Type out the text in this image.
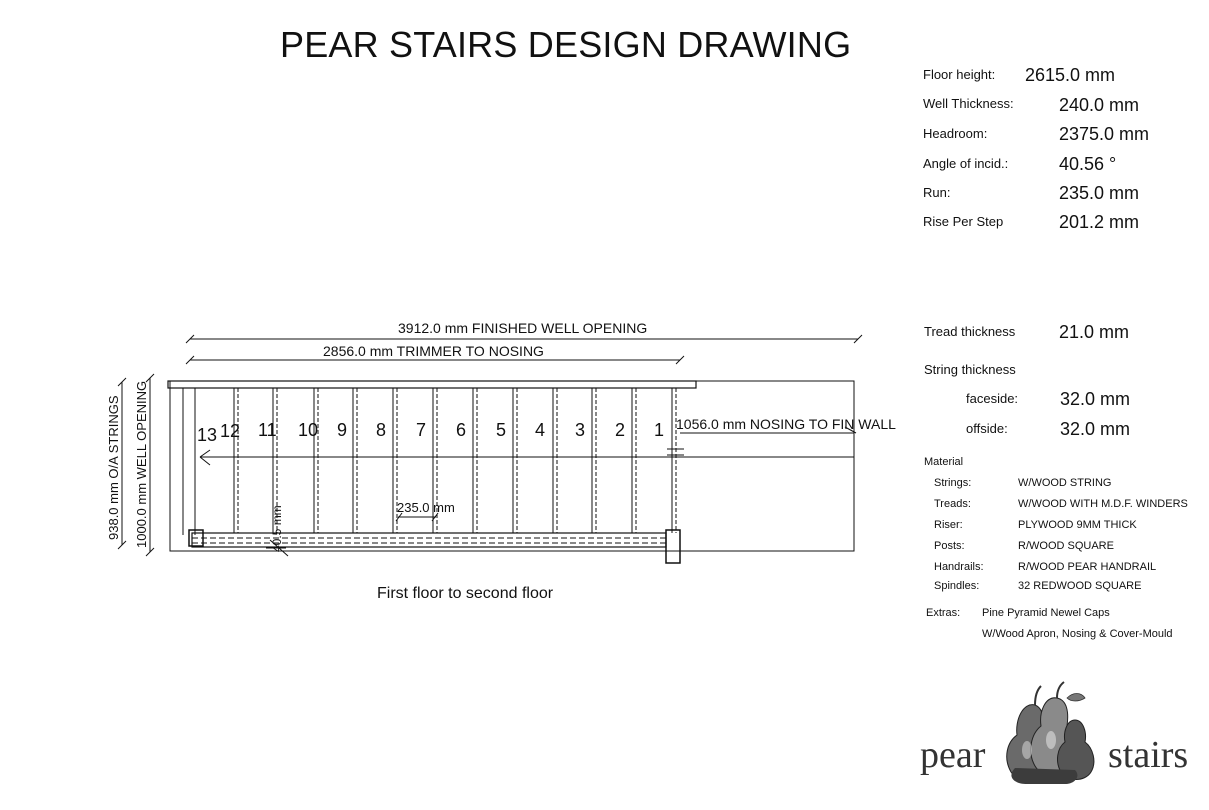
PEAR STAIRS DESIGN DRAWING
Floor height: 2615.0 mm
Well Thickness:	240.0 mm
Headroom:	2375.0 mm
Angle of incid.:	40.56 °
Run:	235.0 mm
Rise Per Step	201.2 mm
Tread thickness 21.0 mm
String thickness
faceside: 32.0 mm
offside:	32.0 mm
Material
Strings:	W/WOOD STRING
Treads:	W/WOOD WITH M.D.F. WINDERS
Riser:	PLYWOOD 9MM THICK
Posts:	R/WOOD SQUARE
Handrails:	R/WOOD PEAR HANDRAIL
Spindles:	32 REDWOOD SQUARE
Extras: Pine Pyramid Newel Caps
W/Wood Apron, Nosing & Cover-Mould
3912.0 mm FINISHED WELL OPENING
2856.0 mm TRIMMER TO NOSING
1056.0 mm NOSING TO FIN WALL
235.0 mm
40.5 mm
938.0 mm O/A STRINGS 1000.0 mm WELL OPENING	13 12 11 10 9 8 7 6 5 4 3 2 1
First floor to second floor
pear	stairs
